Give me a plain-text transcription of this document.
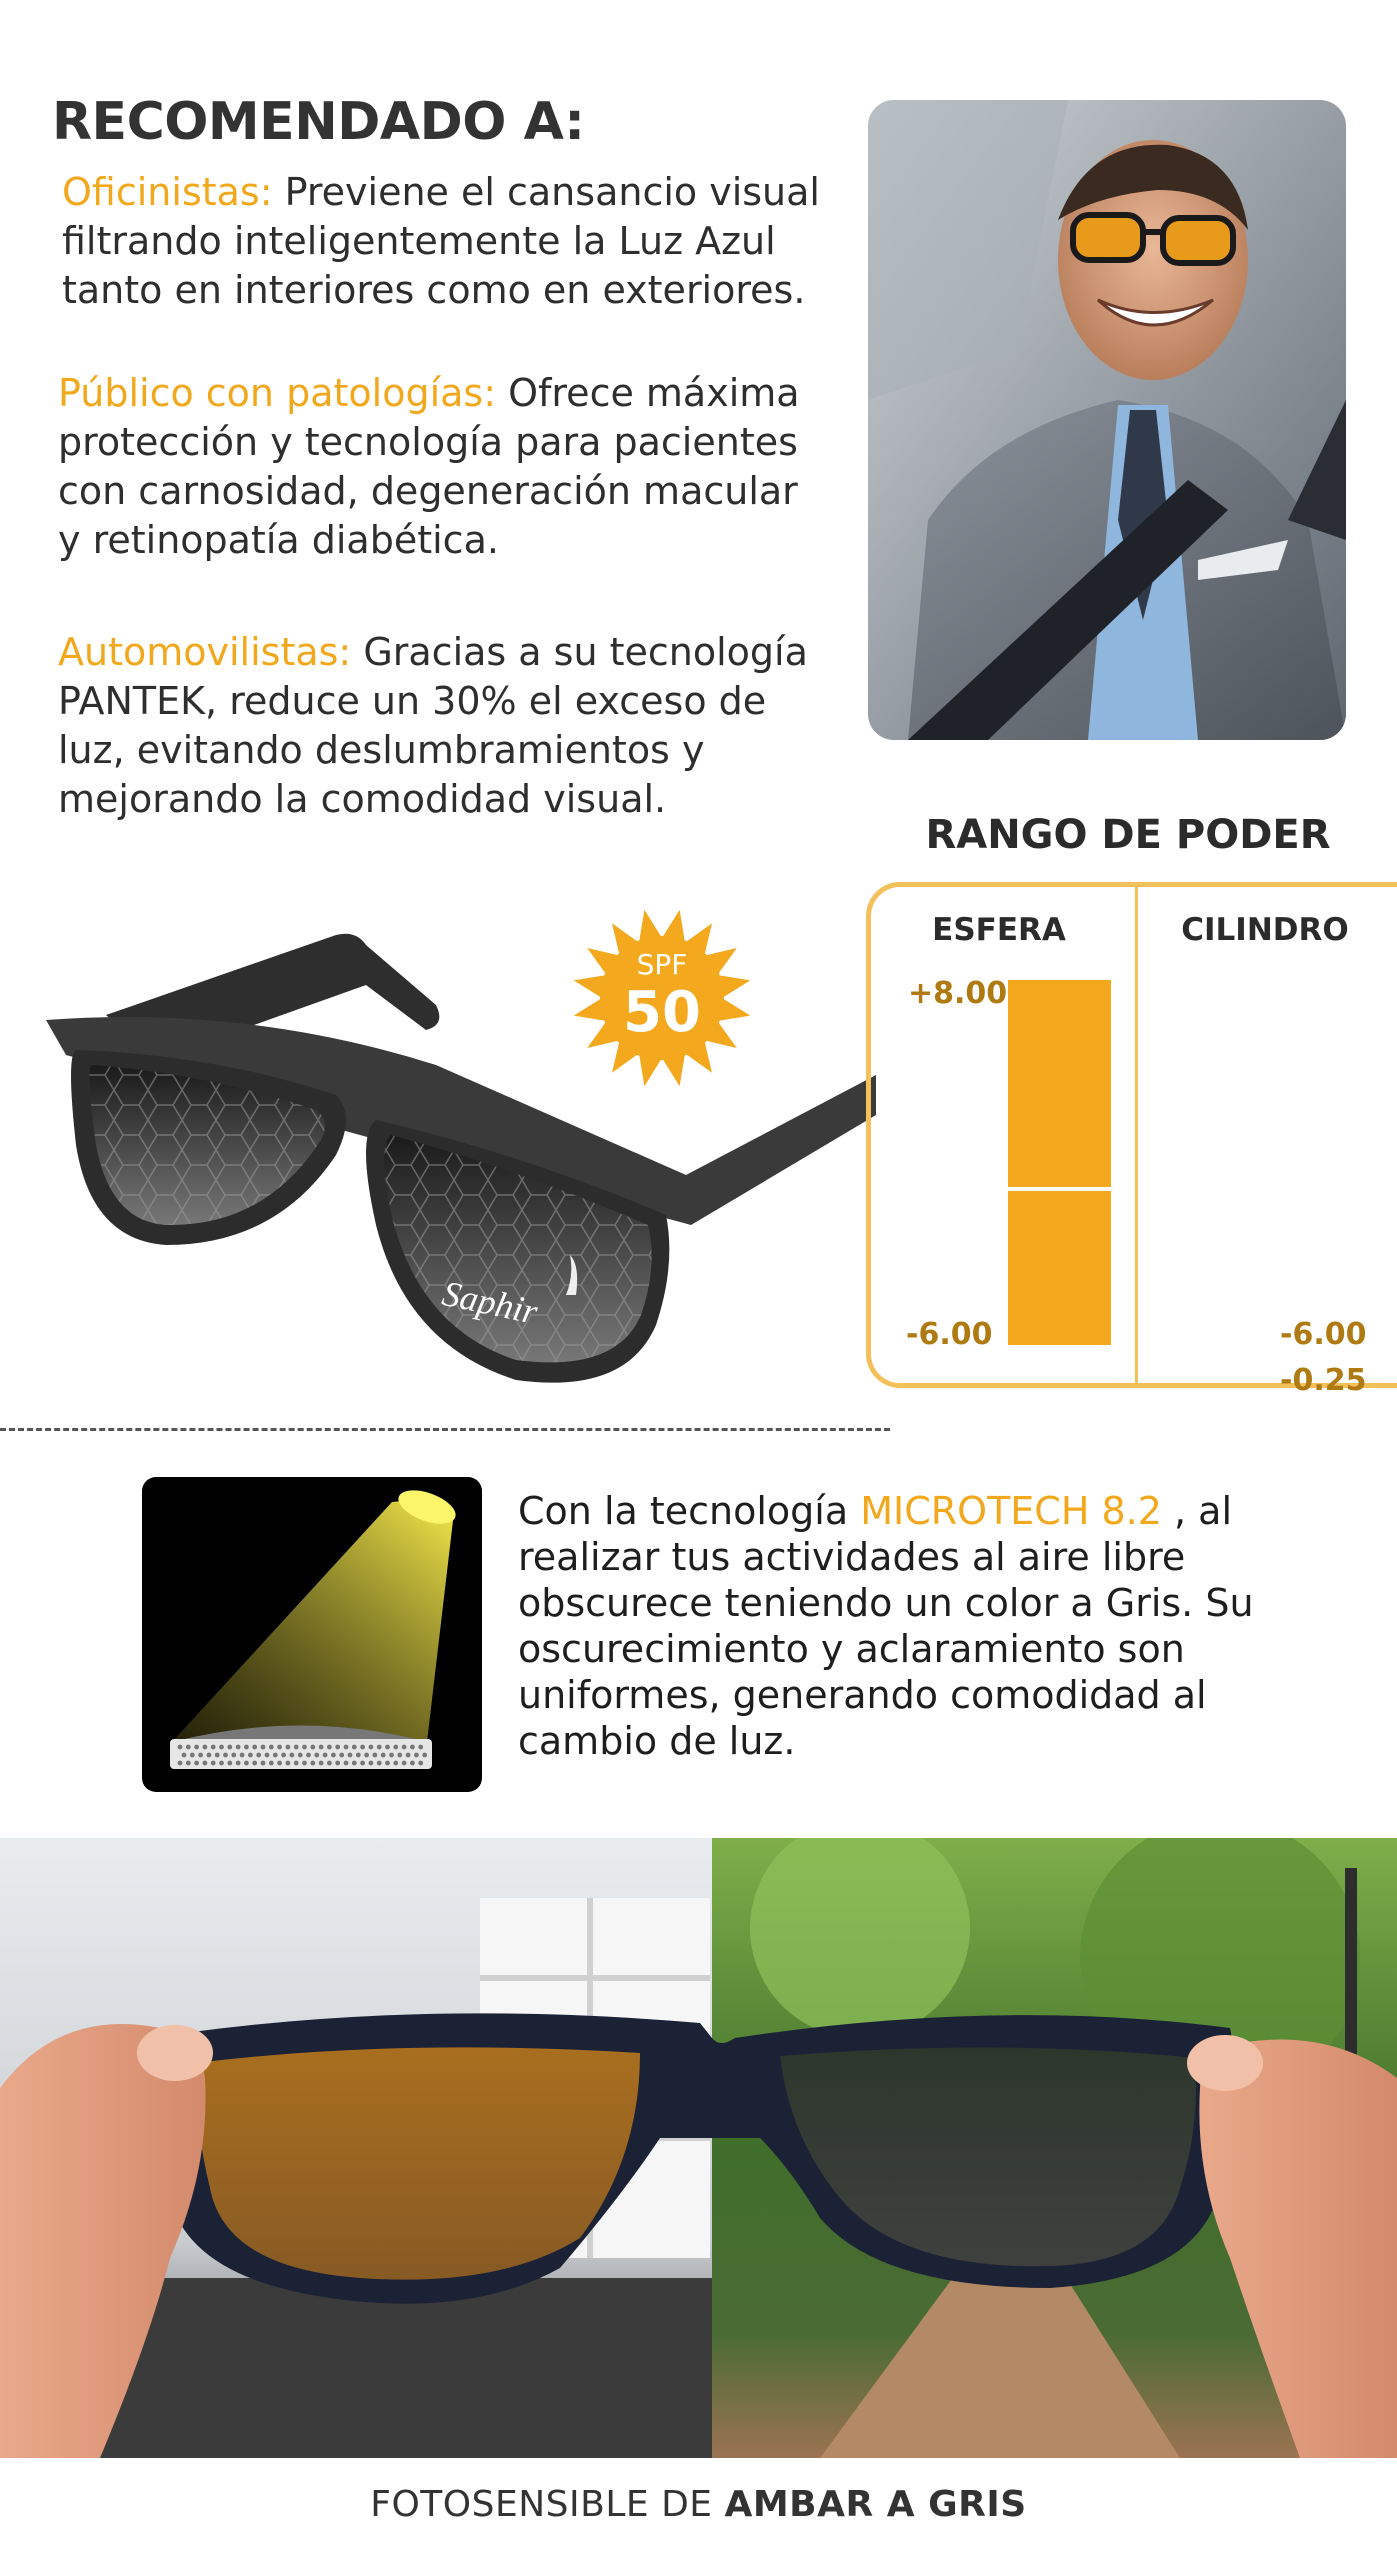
RECOMENDADO A:

Oficinistas: Previene el cansancio visual filtrando inteligentemente la Luz Azul tanto en interiores como en exteriores.

Público con patologías: Ofrece máxima protección y tecnología para pacientes con carnosidad, degeneración macular y retinopatía diabética.

Automovilistas: Gracias a su tecnología PANTEK, reduce un 30% el exceso de luz, evitando deslumbramientos y mejorando la comodidad visual.

Saphir
SPF
50
RANGO DE PODER
ESFERA	CILINDRO
+8.00
-6.00
-0.25
-6.00

Con la tecnología MICROTECH 8.2 , al realizar tus actividades al aire libre obscurece teniendo un color a Gris. Su oscurecimiento y aclaramiento son uniformes, generando comodidad al cambio de luz.

FOTOSENSIBLE DE AMBAR A GRIS
